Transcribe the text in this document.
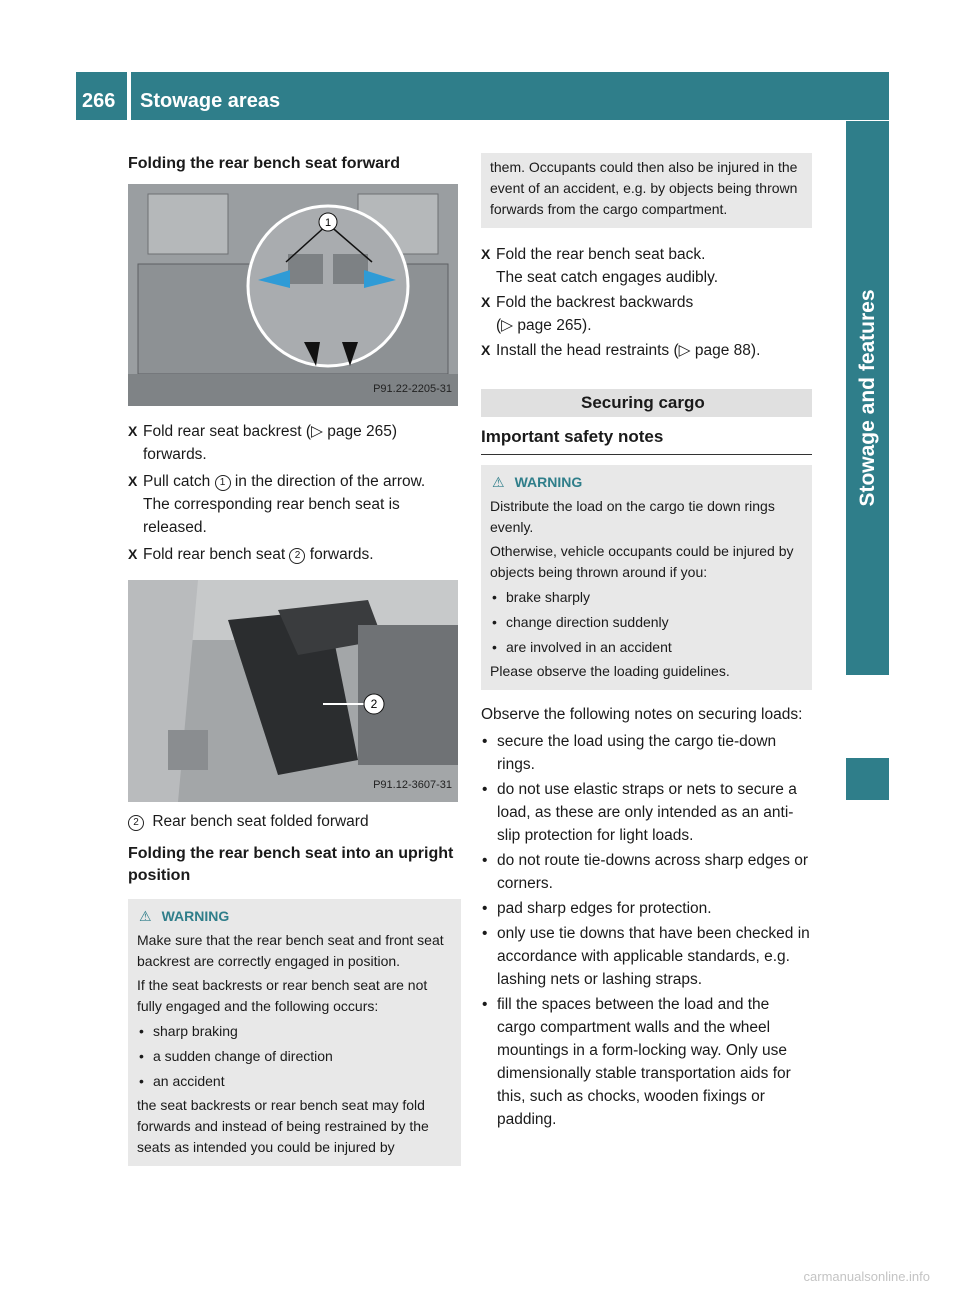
266 Stowage areas
Stowage and features
Folding the rear bench seat forward
1
P91.22-2205-31
X Fold rear seat backrest (▷ page 265)
forwards.
X Pull catch 1 in the direction of the arrow.
The corresponding rear bench seat is released.
X Fold rear bench seat 2 forwards.
2
P91.12-3607-31
2 Rear bench seat folded forward
Folding the rear bench seat into an upright position
⚠ WARNING

Make sure that the rear bench seat and front seat backrest are correctly engaged in position.

If the seat backrests or rear bench seat are not fully engaged and the following occurs:

• sharp braking
• a sudden change of direction
• an accident

the seat backrests or rear bench seat may fold forwards and instead of being restrained by the seats as intended you could be injured by

them. Occupants could then also be injured in the event of an accident, e.g. by objects being thrown forwards from the cargo compartment.

X Fold the rear bench seat back.
The seat catch engages audibly.
X Fold the backrest backwards
(▷ page 265).
X Install the head restraints (▷ page 88).
Securing cargo
Important safety notes
⚠ WARNING

Distribute the load on the cargo tie down rings evenly.

Otherwise, vehicle occupants could be injured by objects being thrown around if you:

• brake sharply
• change direction suddenly
• are involved in an accident

Please observe the loading guidelines.

Observe the following notes on securing loads:
• secure the load using the cargo tie-down rings.
• do not use elastic straps or nets to secure a load, as these are only intended as an anti-slip protection for light loads.
• do not route tie-downs across sharp edges or corners.
• pad sharp edges for protection.
• only use tie downs that have been checked in accordance with applicable standards, e.g. lashing nets or lashing straps.
• fill the spaces between the load and the cargo compartment walls and the wheel mountings in a form-locking way. Only use dimensionally stable transportation aids for this, such as chocks, wooden fixings or padding.
carmanualsonline.info
